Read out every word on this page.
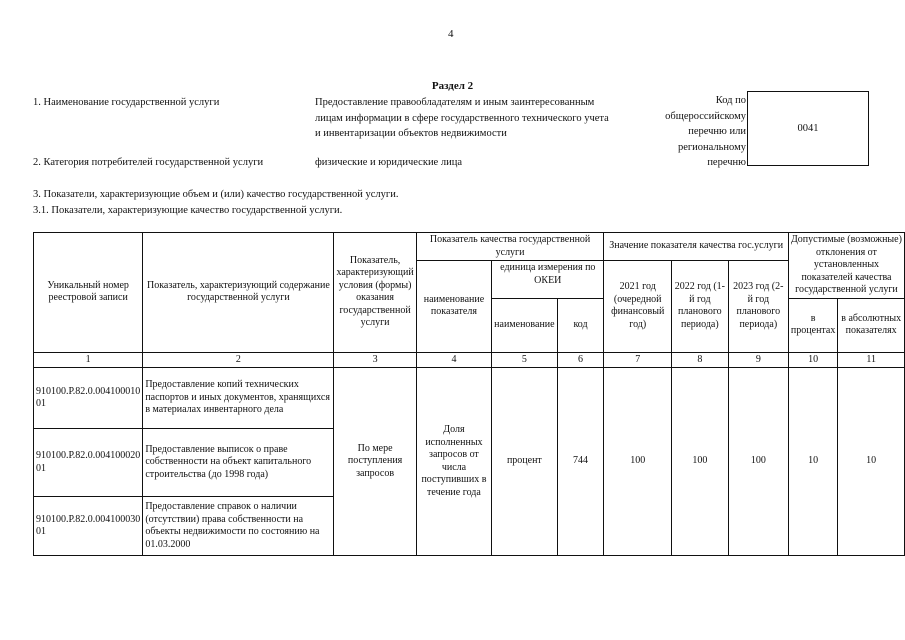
4
Раздел 2
1. Наименование государственной услуги	Предоставление правообладателям и иным заинтересованным лицам информации в сфере государственного технического учета и инвентаризации объектов недвижимости
Код по общероссийскому перечню или региональному перечню
0041
2. Категория потребителей государственной услуги	физические и юридические лица
3. Показатели, характеризующие объем и (или) качество государственной услуги.
3.1. Показатели, характеризующие качество государственной услуги.
Уникальный номер реестровой записи	Показатель, характеризующий содержание государственной услуги	Показатель, характеризующий условия (формы) оказания государственной услуги	Показатель качества государственной услуги			Значение показателя качества гос.услуги			Допустимые (возможные) отклонения от установленных показателей качества государственной услуги	
			наименование показателя	единица измерения по ОКЕИ		2021 год (очередной финансовый год)	2022 год (1-й год планового периода)	2023 год (2-й год планового периода)		
				наименование	код				в процентах	в абсолютных показателях
1	2	3	4	5	6	7	8	9	10	11
910100.Р.82.0.004100010 01	Предоставление копий технических паспортов и иных документов, хранящихся в материалах инвентарного дела	По мере поступления запросов	Доля исполненных запросов от числа поступивших в течение года	процент	744	100	100	100	10	10
910100.Р.82.0.004100020 01	Предоставление выписок о праве собственности на объект капитального строительства (до 1998 года)									
910100.Р.82.0.004100030 01	Предоставление справок о наличии (отсутствии) права собственности на объекты недвижимости по состоянию на 01.03.2000									
